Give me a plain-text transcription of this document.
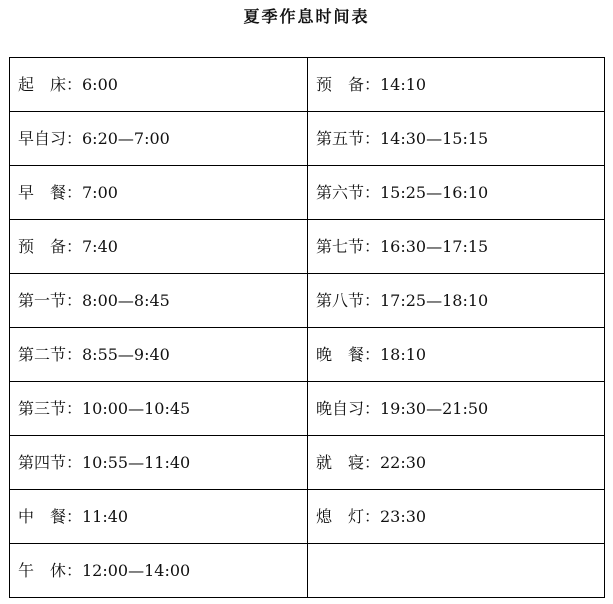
夏季作息时间表
起　床：6:00	预　备：14:10
早自习：6:20—7:00	第五节：14:30—15:15
早　餐：7:00	第六节：15:25—16:10
预　备：7:40	第七节：16:30—17:15
第一节：8:00—8:45	第八节：17:25—18:10
第二节：8:55—9:40	晚　餐：18:10
第三节：10:00—10:45	晚自习：19:30—21:50
第四节：10:55—11:40	就　寝：22:30
中　餐：11:40	熄　灯：23:30
午　休：12:00—14:00	
